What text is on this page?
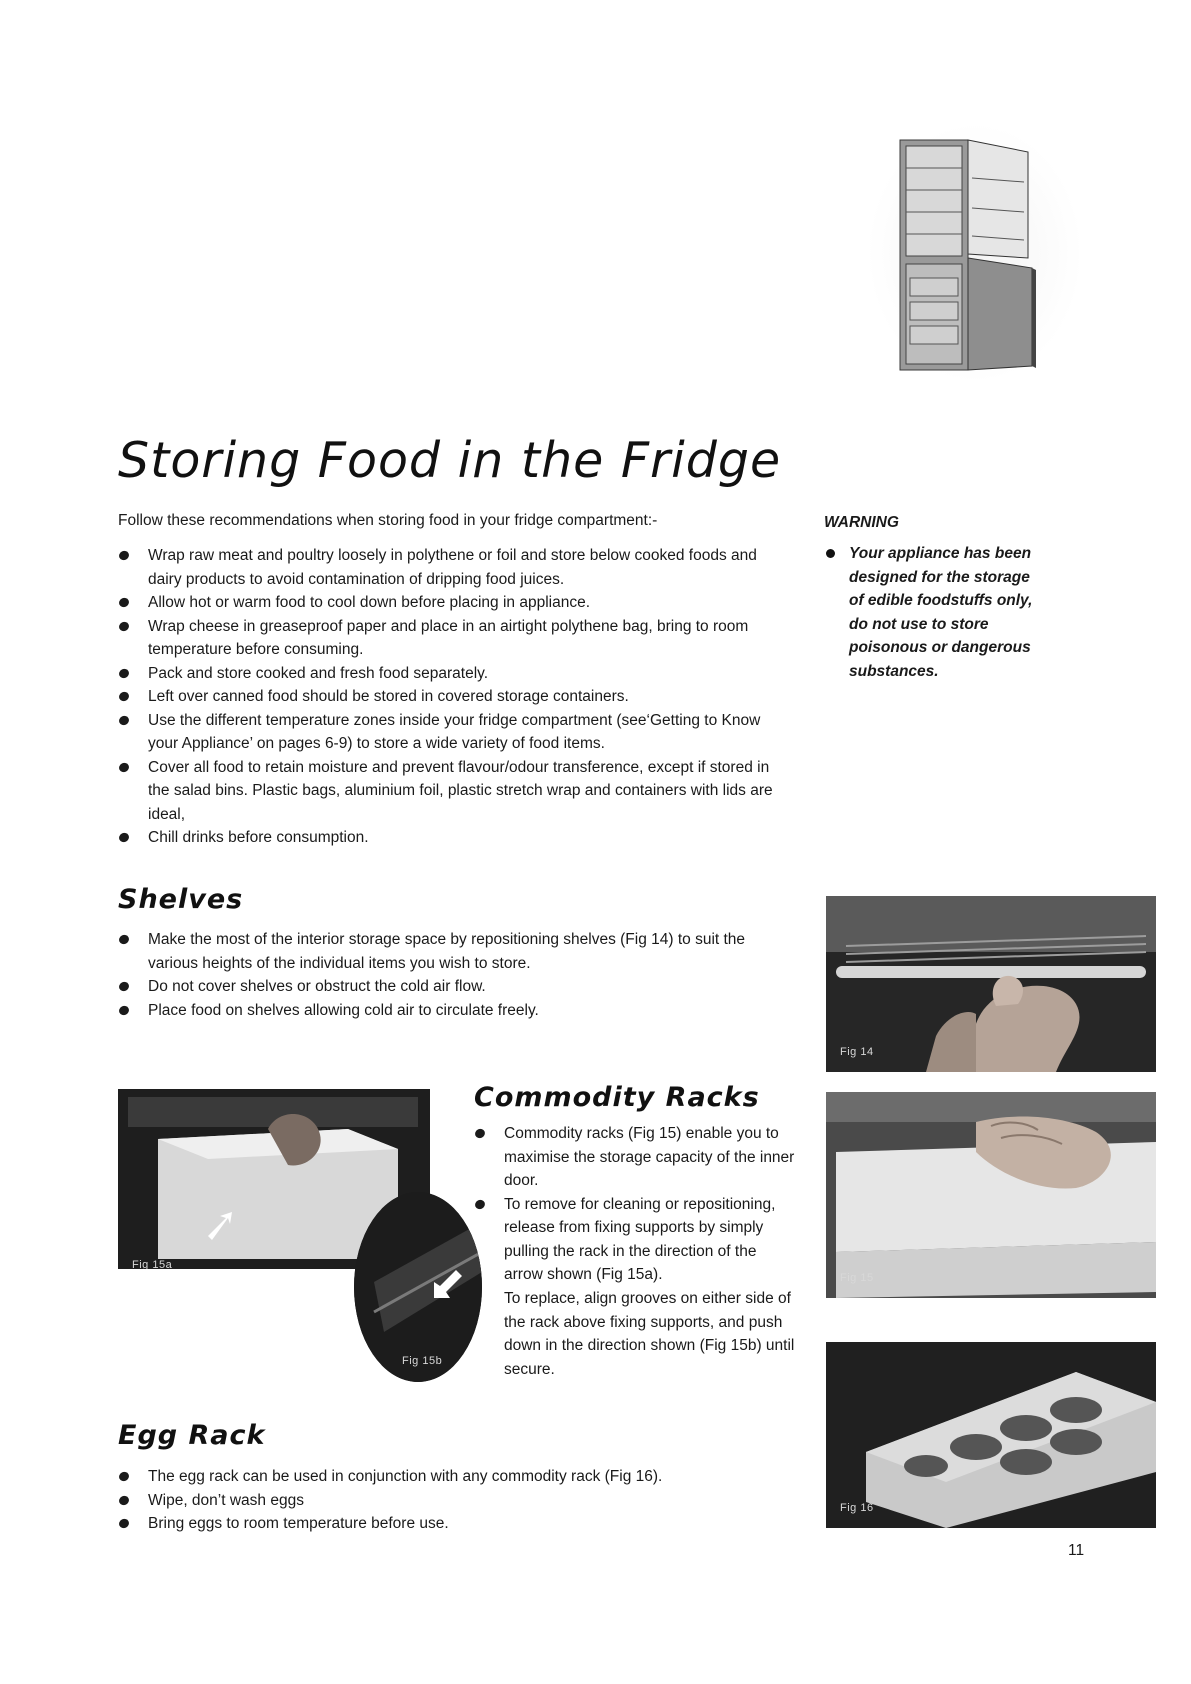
Storing Food in the Fridge
Follow these recommendations when storing food in your fridge compartment:-
Wrap raw meat and poultry loosely in polythene or foil and store below cooked foods and dairy products to avoid contamination of dripping food juices.
Allow hot or warm food to cool down before placing in appliance.
Wrap cheese in greaseproof paper and place in an airtight polythene bag, bring to room temperature before consuming.
Pack and store cooked and fresh food separately.
Left over canned food should be stored in covered storage containers.
Use the different temperature zones inside your fridge compartment (see‘Getting to Know your Appliance’ on pages 6-9) to store a wide variety of food items.
Cover all food to retain moisture and prevent flavour/odour transference, except if stored in the salad bins. Plastic bags, aluminium foil, plastic stretch wrap and containers with lids are ideal,
Chill drinks before consumption.
WARNING
Your appliance has been designed for the storage of edible foodstuffs only, do not use to store poisonous or dangerous substances.
Shelves
Make the most of the interior storage space by repositioning shelves (Fig 14) to suit the various heights of the individual items you wish to store.
Do not cover shelves or obstruct the cold air flow.
Place food on shelves allowing cold air to circulate freely.
Fig 14
Fig 15a
Fig 15b
Commodity Racks
Commodity racks (Fig 15) enable you to maximise the storage capacity of the inner door.
To remove for cleaning or repositioning, release from fixing supports by simply pulling the rack in the direction of the arrow shown (Fig 15a).
To replace, align grooves on either side of the rack above fixing supports, and push down in the direction shown (Fig 15b) until secure.
Fig 15
Egg Rack
The egg rack can be used in conjunction with any commodity rack (Fig 16).
Wipe, don’t wash eggs
Bring eggs to room temperature before use.
Fig 16
11
